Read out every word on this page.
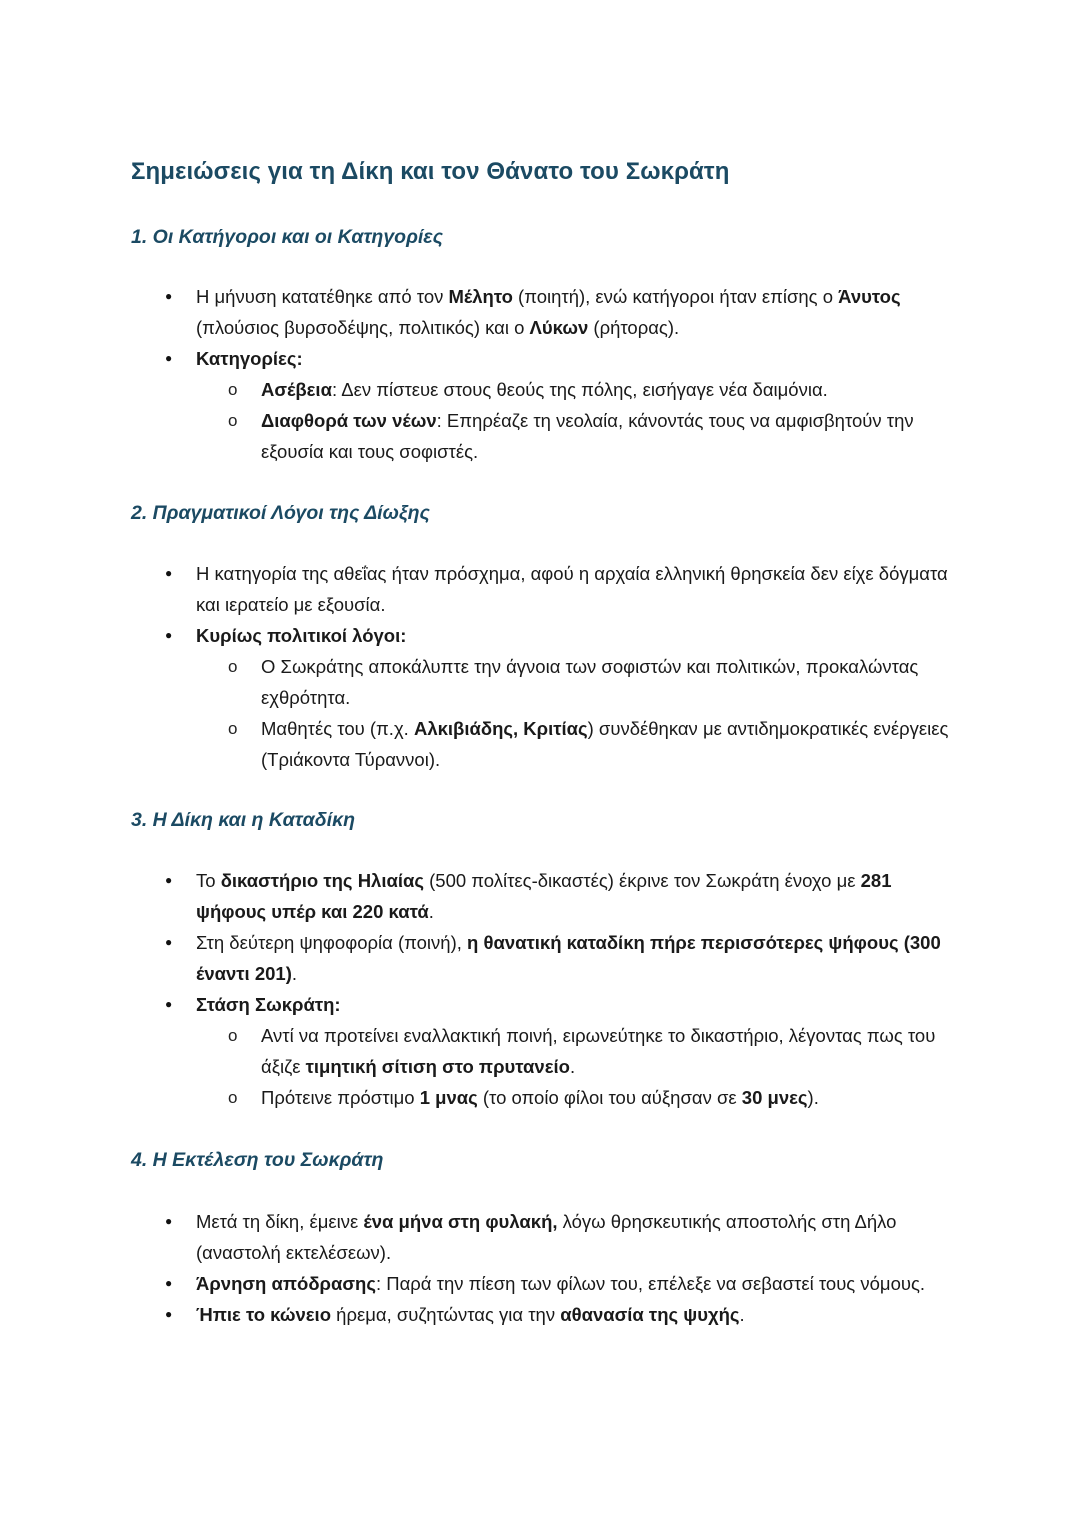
Σημειώσεις για τη Δίκη και τον Θάνατο του Σωκράτη
1. Οι Κατήγοροι και οι Κατηγορίες
● Η μήνυση κατατέθηκε από τον Μέλητο (ποιητή), ενώ κατήγοροι ήταν επίσης ο Άνυτος (πλούσιος βυρσοδέψης, πολιτικός) και ο Λύκων (ρήτορας).
● Κατηγορίες:
o Ασέβεια: Δεν πίστευε στους θεούς της πόλης, εισήγαγε νέα δαιμόνια.
o Διαφθορά των νέων: Επηρέαζε τη νεολαία, κάνοντάς τους να αμφισβητούν την εξουσία και τους σοφιστές.
2. Πραγματικοί Λόγοι της Δίωξης
● Η κατηγορία της αθεΐας ήταν πρόσχημα, αφού η αρχαία ελληνική θρησκεία δεν είχε δόγματα και ιερατείο με εξουσία.
● Κυρίως πολιτικοί λόγοι:
o Ο Σωκράτης αποκάλυπτε την άγνοια των σοφιστών και πολιτικών, προκαλώντας εχθρότητα.
o Μαθητές του (π.χ. Αλκιβιάδης, Κριτίας) συνδέθηκαν με αντιδημοκρατικές ενέργειες (Τριάκοντα Τύραννοι).
3. Η Δίκη και η Καταδίκη
● Το δικαστήριο της Ηλιαίας (500 πολίτες-δικαστές) έκρινε τον Σωκράτη ένοχο με 281 ψήφους υπέρ και 220 κατά.
● Στη δεύτερη ψηφοφορία (ποινή), η θανατική καταδίκη πήρε περισσότερες ψήφους (300 έναντι 201).
● Στάση Σωκράτη:
o Αντί να προτείνει εναλλακτική ποινή, ειρωνεύτηκε το δικαστήριο, λέγοντας πως του άξιζε τιμητική σίτιση στο πρυτανείο.
o Πρότεινε πρόστιμο 1 μνας (το οποίο φίλοι του αύξησαν σε 30 μνες).
4. Η Εκτέλεση του Σωκράτη
● Μετά τη δίκη, έμεινε ένα μήνα στη φυλακή, λόγω θρησκευτικής αποστολής στη Δήλο (αναστολή εκτελέσεων).
● Άρνηση απόδρασης: Παρά την πίεση των φίλων του, επέλεξε να σεβαστεί τους νόμους.
● Ήπιε το κώνειο ήρεμα, συζητώντας για την αθανασία της ψυχής.
